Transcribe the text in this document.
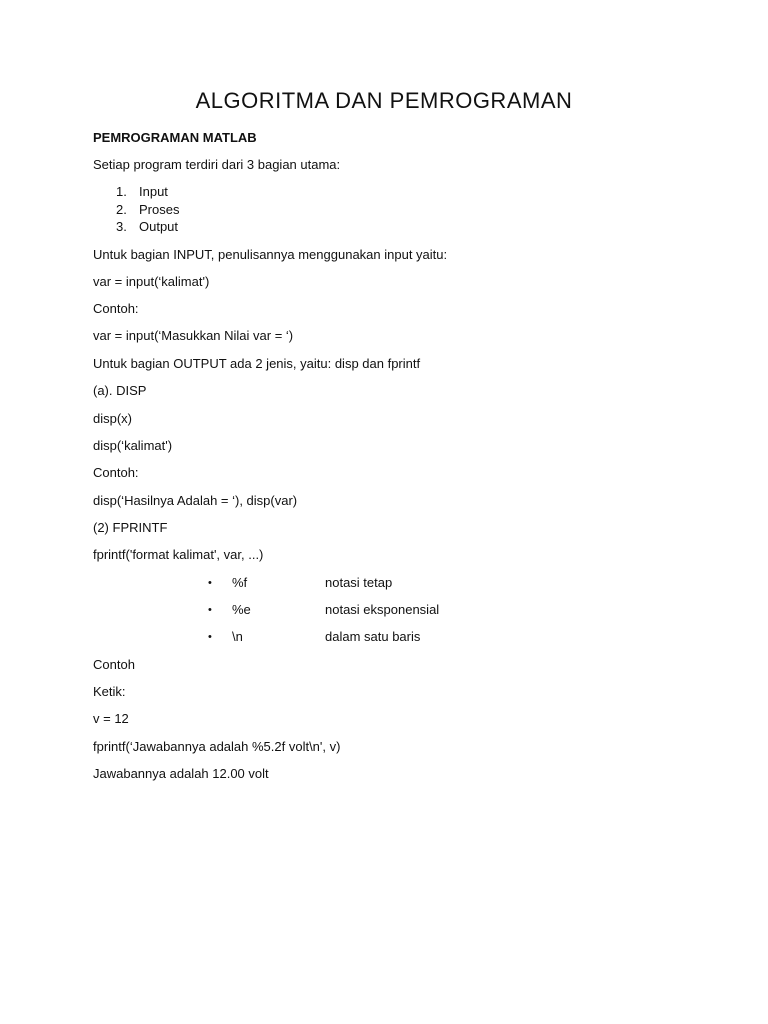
ALGORITMA DAN PEMROGRAMAN
PEMROGRAMAN MATLAB
Setiap program terdiri dari 3 bagian utama:
1. Input
2. Proses
3. Output
Untuk bagian INPUT, penulisannya menggunakan input yaitu:
var = input(‘kalimat')
Contoh:
var = input(‘Masukkan Nilai var = ‘)
Untuk bagian OUTPUT ada 2 jenis, yaitu: disp dan fprintf
(a). DISP
disp(x)
disp(‘kalimat')
Contoh:
disp(‘Hasilnya Adalah = ‘), disp(var)
(2) FPRINTF
fprintf('format kalimat', var, ...)
• %f	notasi tetap
• %e	notasi eksponensial
• \n	dalam satu baris
Contoh
Ketik:
v = 12
fprintf(‘Jawabannya adalah %5.2f volt\n', v)
Jawabannya adalah 12.00 volt
